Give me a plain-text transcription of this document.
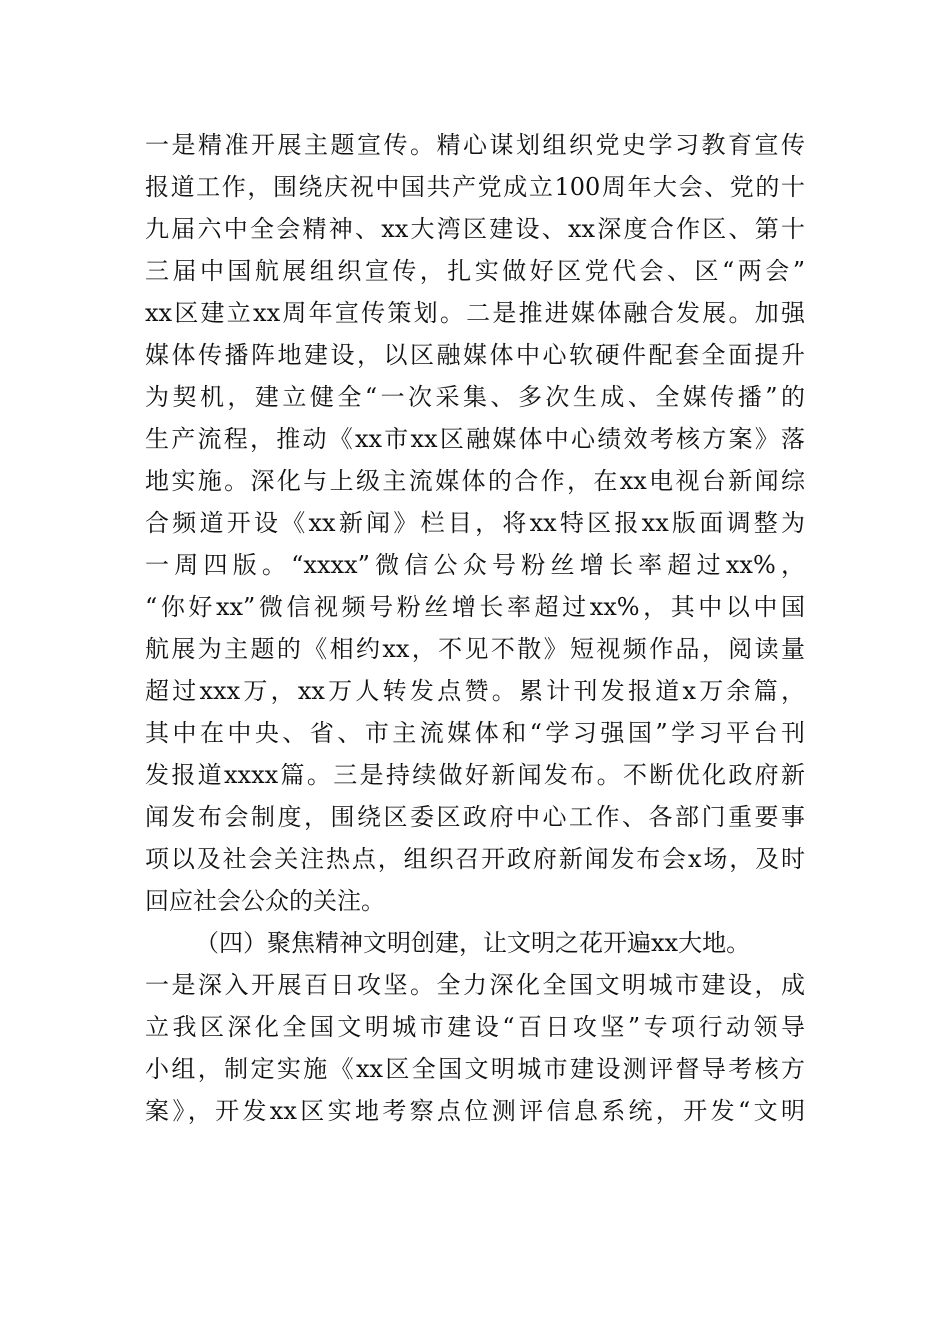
一是精准开展主题宣传。精心谋划组织党史学习教育宣传
报道工作，围绕庆祝中国共产党成立100周年大会、党的十
九届六中全会精神、xx大湾区建设、xx深度合作区、第十
三届中国航展组织宣传，扎实做好区党代会、区“两会”
xx区建立xx周年宣传策划。二是推进媒体融合发展。加强
媒体传播阵地建设，以区融媒体中心软硬件配套全面提升
为契机，建立健全“一次采集、多次生成、全媒传播”的
生产流程，推动《xx市xx区融媒体中心绩效考核方案》落
地实施。深化与上级主流媒体的合作，在xx电视台新闻综
合频道开设《xx新闻》栏目，将xx特区报xx版面调整为
一周四版。“xxxx”微信公众号粉丝增长率超过xx%，
“你好xx”微信视频号粉丝增长率超过xx%，其中以中国
航展为主题的《相约xx，不见不散》短视频作品，阅读量
超过xxx万，xx万人转发点赞。累计刊发报道x万余篇，
其中在中央、省、市主流媒体和“学习强国”学习平台刊
发报道xxxx篇。三是持续做好新闻发布。不断优化政府新
闻发布会制度，围绕区委区政府中心工作、各部门重要事
项以及社会关注热点，组织召开政府新闻发布会x场，及时
回应社会公众的关注。
（四）聚焦精神文明创建，让文明之花开遍xx大地。
一是深入开展百日攻坚。全力深化全国文明城市建设，成
立我区深化全国文明城市建设“百日攻坚”专项行动领导
小组，制定实施《xx区全国文明城市建设测评督导考核方
案》，开发xx区实地考察点位测评信息系统，开发“文明
